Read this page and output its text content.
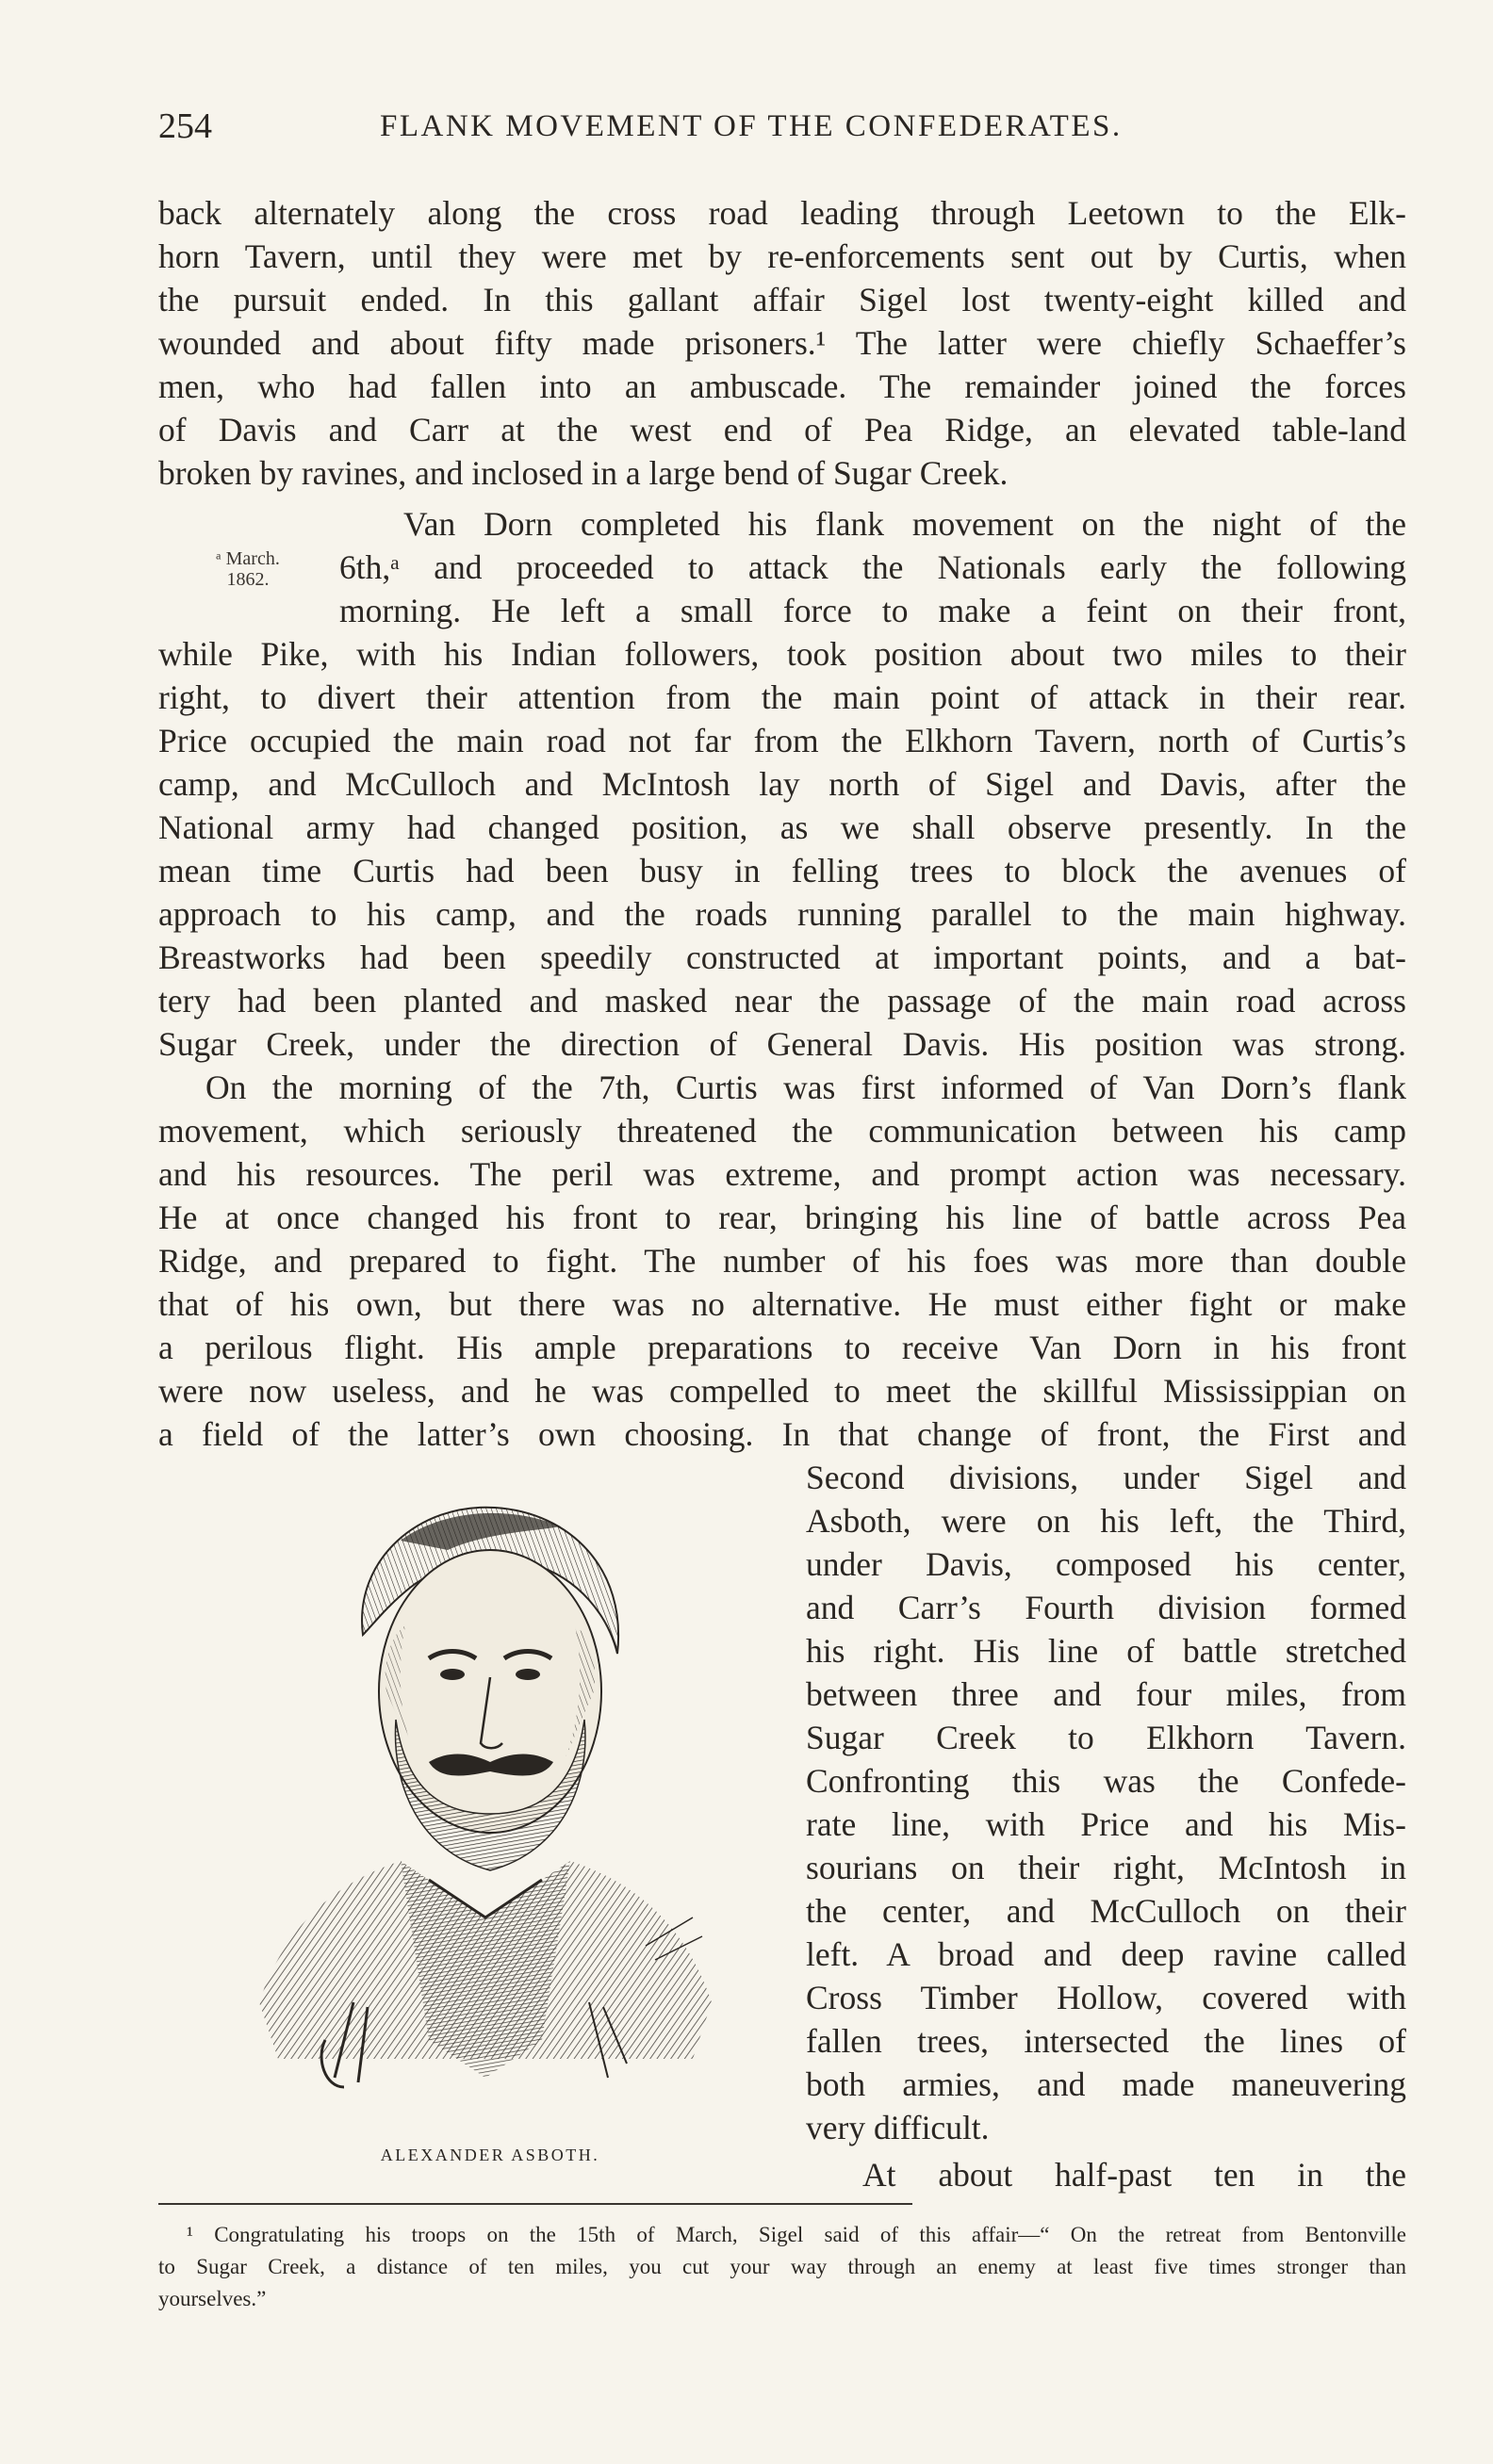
254	FLANK MOVEMENT OF THE CONFEDERATES.
back alternately along the cross road leading through Leetown to the Elk-
horn Tavern, until they were met by re-enforcements sent out by Curtis, when
the pursuit ended. In this gallant affair Sigel lost twenty-eight killed and
wounded and about fifty made prisoners.¹ The latter were chiefly Schaeffer’s
men, who had fallen into an ambuscade. The remainder joined the forces
of Davis and Carr at the west end of Pea Ridge, an elevated table-land
broken by ravines, and inclosed in a large bend of Sugar Creek.
Van Dorn completed his flank movement on the night of the
ᵃ March.
1862.	6th,ᵃ and proceeded to attack the Nationals early the following
morning. He left a small force to make a feint on their front,
while Pike, with his Indian followers, took position about two miles to their
right, to divert their attention from the main point of attack in their rear.
Price occupied the main road not far from the Elkhorn Tavern, north of Curtis’s
camp, and McCulloch and McIntosh lay north of Sigel and Davis, after the
National army had changed position, as we shall observe presently. In the
mean time Curtis had been busy in felling trees to block the avenues of
approach to his camp, and the roads running parallel to the main highway.
Breastworks had been speedily constructed at important points, and a bat-
tery had been planted and masked near the passage of the main road across
Sugar Creek, under the direction of General Davis. His position was strong.
On the morning of the 7th, Curtis was first informed of Van Dorn’s flank
movement, which seriously threatened the communication between his camp
and his resources. The peril was extreme, and prompt action was necessary.
He at once changed his front to rear, bringing his line of battle across Pea
Ridge, and prepared to fight. The number of his foes was more than double
that of his own, but there was no alternative. He must either fight or make
a perilous flight. His ample preparations to receive Van Dorn in his front
were now useless, and he was compelled to meet the skillful Mississippian on
a field of the latter’s own choosing. In that change of front, the First and
Second divisions, under Sigel and
Asboth, were on his left, the Third,
under Davis, composed his center,
and Carr’s Fourth division formed
his right. His line of battle stretched
between three and four miles, from
Sugar Creek to Elkhorn Tavern.
Confronting this was the Confede-
rate line, with Price and his Mis-
sourians on their right, McIntosh in
the center, and McCulloch on their
left. A broad and deep ravine called
Cross Timber Hollow, covered with
fallen trees, intersected the lines of
both armies, and made maneuvering
very difficult.
At about half-past ten in the
ALEXANDER ASBOTH.
¹ Congratulating his troops on the 15th of March, Sigel said of this affair—“ On the retreat from Bentonville
to Sugar Creek, a distance of ten miles, you cut your way through an enemy at least five times stronger than
yourselves.”
